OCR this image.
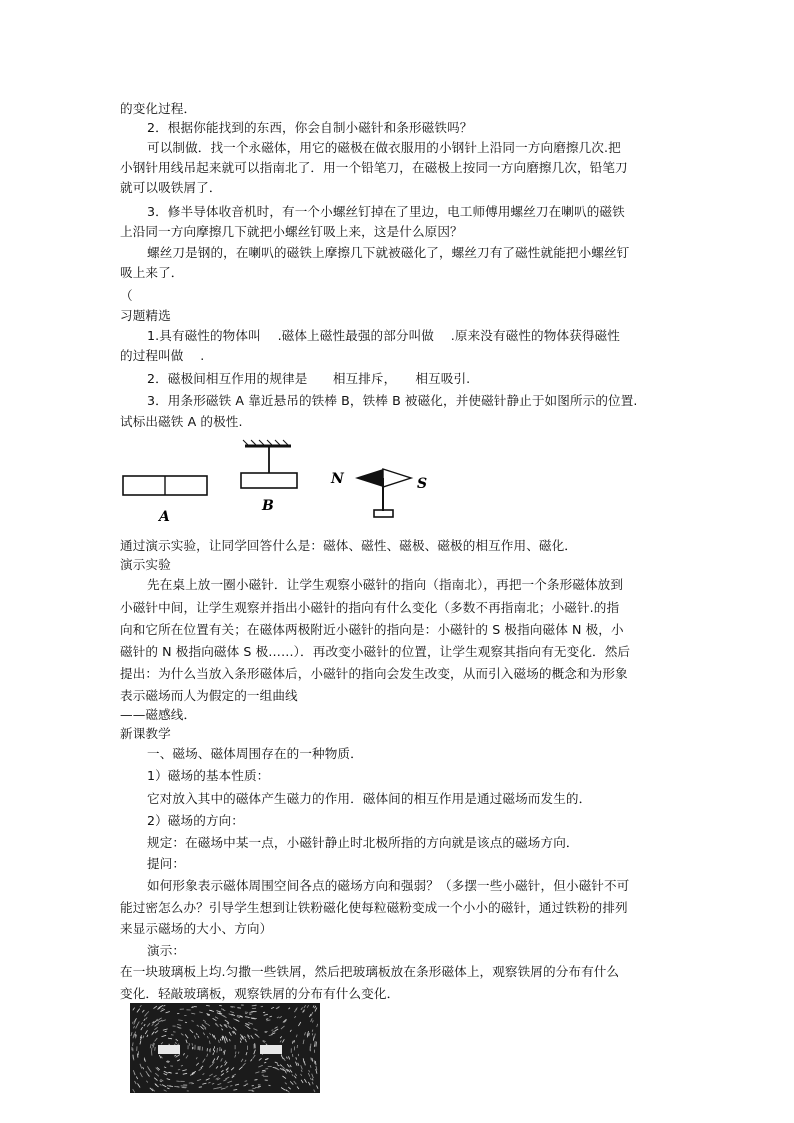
的变化过程．
2．根据你能找到的东西，你会自制小磁针和条形磁铁吗？
可以制做．找一个永磁体，用它的磁极在做衣服用的小钢针上沿同一方向磨擦几次.把
小钢针用线吊起来就可以指南北了．用一个铅笔刀，在磁极上按同一方向磨擦几次，铅笔刀
就可以吸铁屑了．
3．修半导体收音机时，有一个小螺丝钉掉在了里边，电工师傅用螺丝刀在喇叭的磁铁
上沿同一方向摩擦几下就把小螺丝钉吸上来，这是什么原因？
螺丝刀是钢的，在喇叭的磁铁上摩擦几下就被磁化了，螺丝刀有了磁性就能把小螺丝钉
吸上来了．
（
习题精选
1.具有磁性的物体叫　 .磁体上磁性最强的部分叫做　 .原来没有磁性的物体获得磁性
的过程叫做　 .
2．磁极间相互作用的规律是　　相互排斥，　　相互吸引.
3．用条形磁铁 A 靠近悬吊的铁棒 B，铁棒 B 被磁化，并使磁针静止于如图所示的位置.
试标出磁铁 A 的极性.
通过演示实验，让同学回答什么是：磁体、磁性、磁极、磁极的相互作用、磁化．
演示实验
先在桌上放一圈小磁针．让学生观察小磁针的指向（指南北），再把一个条形磁体放到
小磁针中间，让学生观察并指出小磁针的指向有什么变化（多数不再指南北；小磁针.的指
向和它所在位置有关；在磁体两极附近小磁针的指向是：小磁针的 S 极指向磁体 N 极，小
磁针的 N 极指向磁体 S 极……）．再改变小磁针的位置，让学生观察其指向有无变化．然后
提出：为什么当放入条形磁体后，小磁针的指向会发生改变，从而引入磁场的概念和为形象
表示磁场而人为假定的一组曲线
——磁感线．
新课教学
一、磁场、磁体周围存在的一种物质．
1）磁场的基本性质：
它对放入其中的磁体产生磁力的作用．磁体间的相互作用是通过磁场而发生的．
2）磁场的方向：
规定：在磁场中某一点，小磁针静止时北极所指的方向就是该点的磁场方向．
提问：
如何形象表示磁体周围空间各点的磁场方向和强弱？（多摆一些小磁针，但小磁针不可
能过密怎么办？引导学生想到让铁粉磁化使每粒磁粉变成一个小小的磁针，通过铁粉的排列
来显示磁场的大小、方向）
演示：
在一块玻璃板上均.匀撒一些铁屑，然后把玻璃板放在条形磁体上，观察铁屑的分布有什么
变化．轻敲玻璃板，观察铁屑的分布有什么变化．
A
B
N	S
